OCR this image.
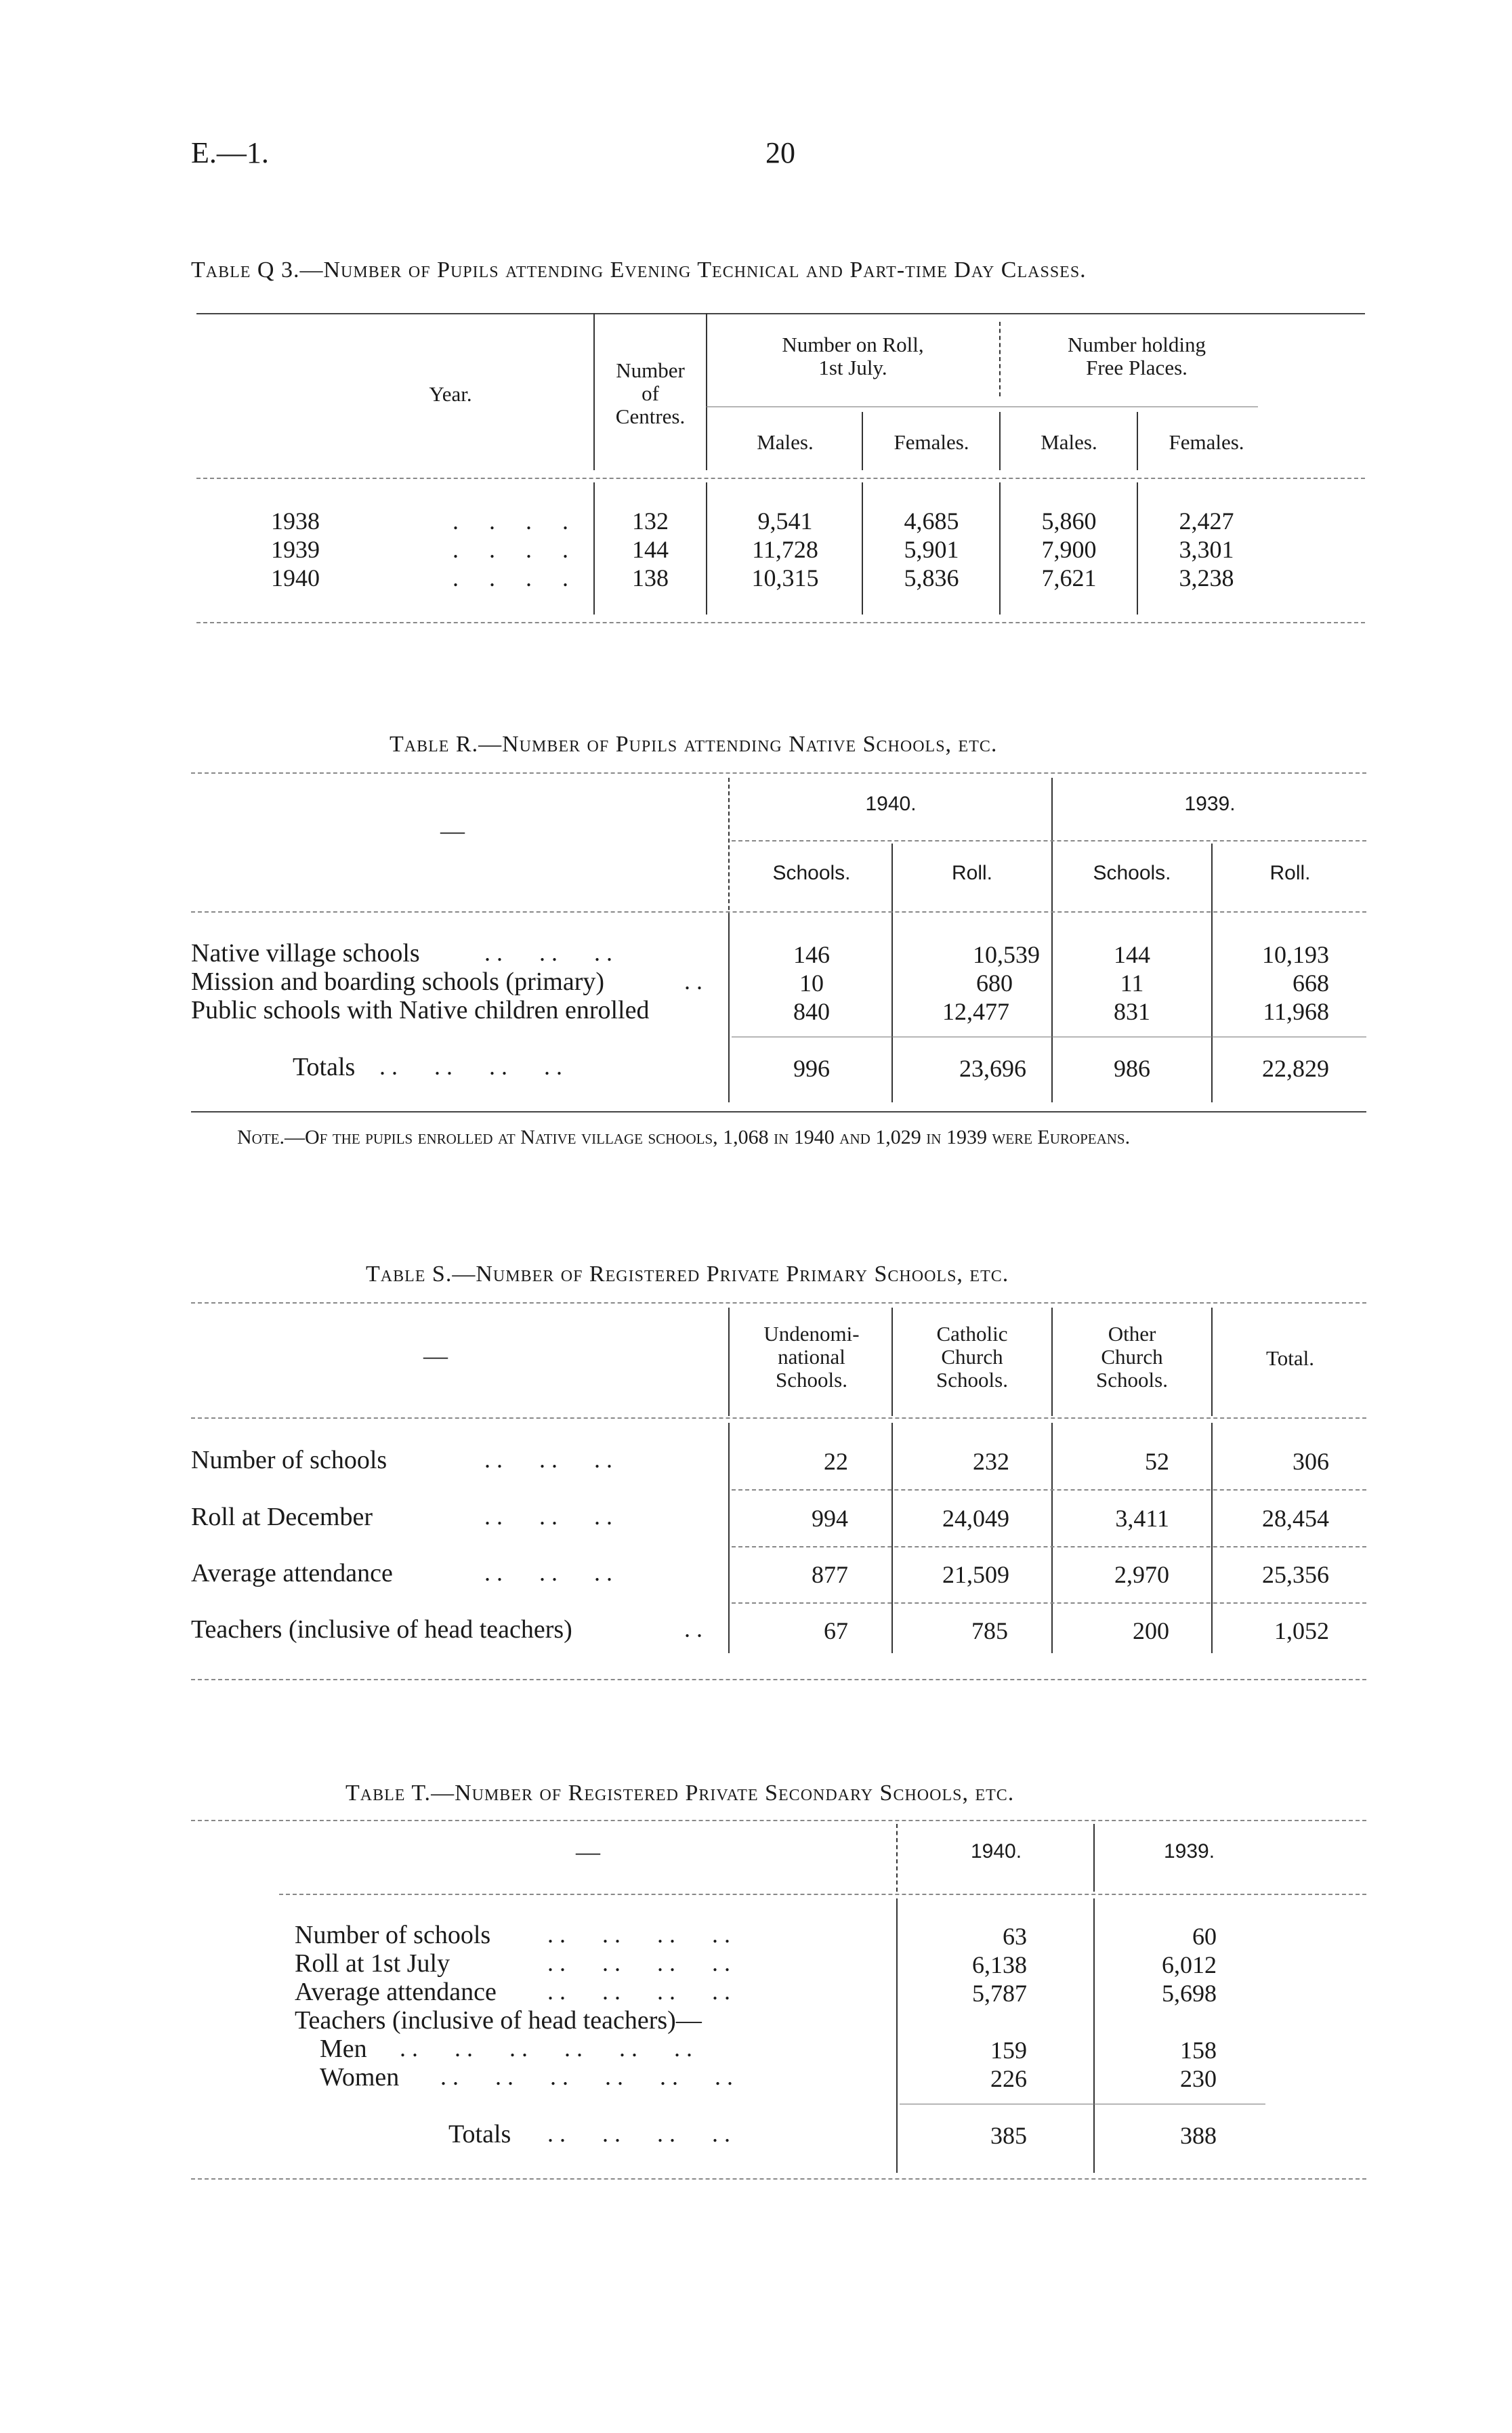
E.—1.	20
Table Q 3.—Number of Pupils attending Evening Technical and Part-time Day Classes.
Year.
Number
of
Centres.
Number on Roll,
1st July.
Number holding
Free Places.
Males.	Females.	Males.	Females.
1938	. . . .	132	9,541	4,685	5,860	2,427
1939	. . . .	144	11,728	5,901	7,900	3,301
1940	. . . .	138	10,315	5,836	7,621	3,238
Table R.—Number of Pupils attending Native Schools, etc.
—
1940.	1939.
Schools.	Roll.	Schools.	Roll.
Native village schools	. .      . .      . .	146	10,539	144	10,193
Mission and boarding schools (primary)	. .	10	680	11	668
Public schools with Native children enrolled	840	12,477	831	11,968
Totals . .      . .      . .      . .	996	23,696	986	22,829
Note.—Of the pupils enrolled at Native village schools, 1,068 in 1940 and 1,029 in 1939 were Europeans.
Table S.—Number of Registered Private Primary Schools, etc.
—
Undenomi-
national
Schools.
Catholic
Church
Schools.
Other
Church
Schools.
Total.
Number of schools	. .      . .      . .	22	232	52	306
Roll at December	. .      . .      . .	994	24,049	3,411	28,454
Average attendance	. .      . .      . .	877	21,509	2,970	25,356
Teachers (inclusive of head teachers)	. .	67	785	200	1,052
Table T.—Number of Registered Private Secondary Schools, etc.
—	1940.	1939.
Number of schools . .      . .      . .      . .	63	60
Roll at 1st July	. .      . .      . .      . .	6,138	6,012
Average attendance . .      . .      . .      . .	5,787	5,698
Teachers (inclusive of head teachers)—
Men . .      . .      . .      . .      . .      . .	159	158
Women . .      . .      . .      . .      . .      . .	226	230
Totals . .      . .      . .      . .	385	388
